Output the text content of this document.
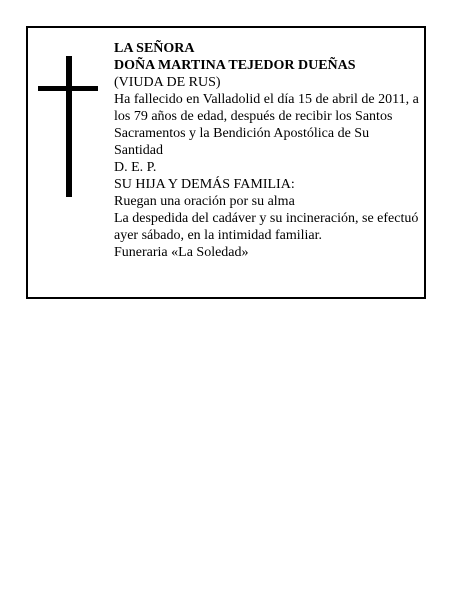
LA SEÑORA
DOÑA MARTINA TEJEDOR DUEÑAS
(VIUDA DE RUS)
Ha fallecido en Valladolid el día 15 de abril de 2011, a los 79 años de edad, después de recibir los Santos Sacramentos y la Bendición Apostólica de Su Santidad
D. E. P.
SU HIJA Y DEMÁS FAMILIA:
Ruegan una oración por su alma
La despedida del cadáver y su incineración, se efectuó ayer sábado, en la intimidad familiar.
Funeraria «La Soledad»
